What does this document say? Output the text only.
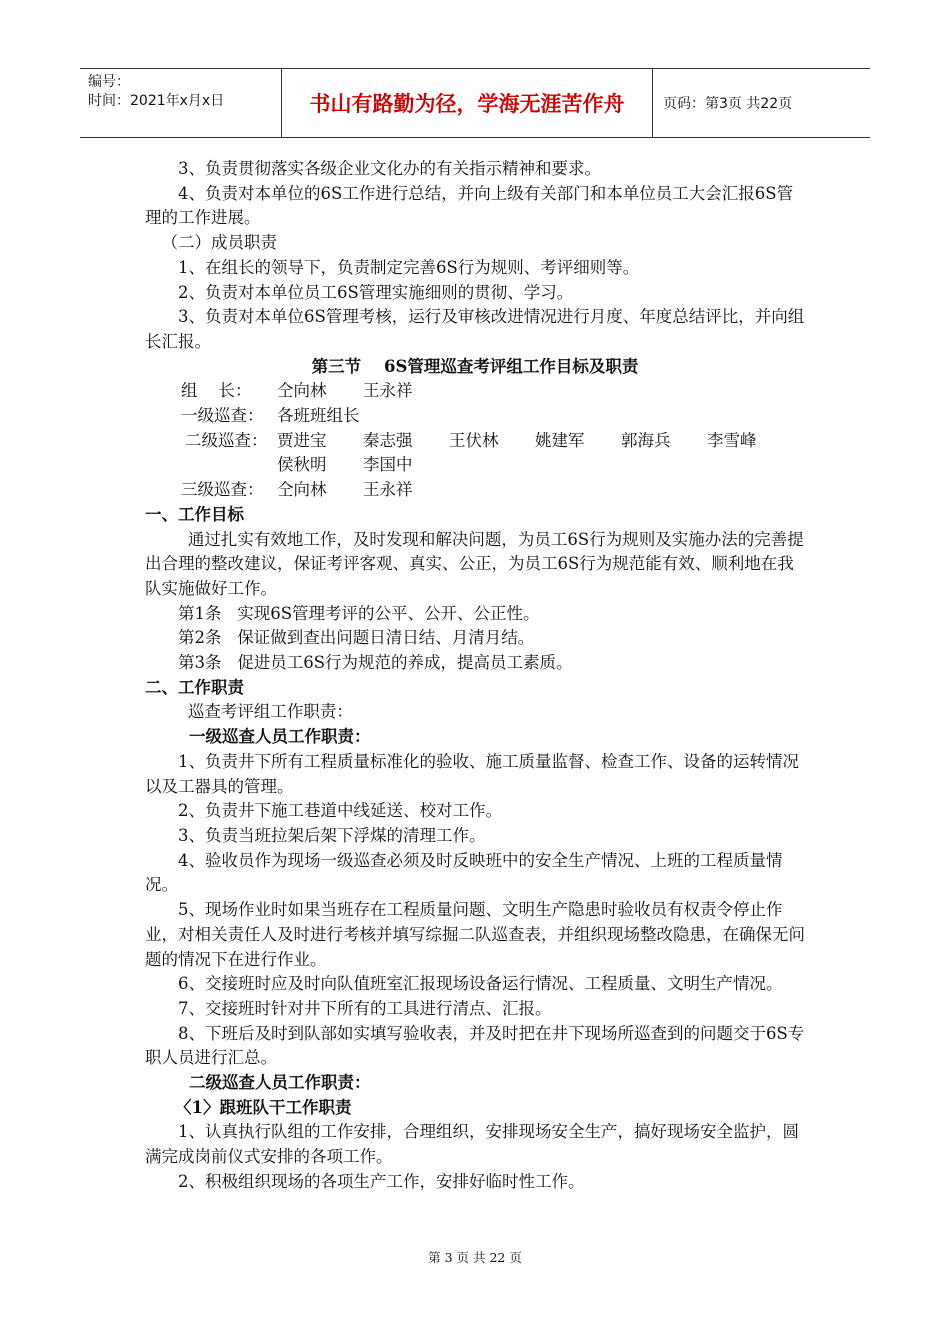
编号：
时间：2021年x月x日	书山有路勤为径，学海无涯苦作舟	页码：第3页 共22页

3、负责贯彻落实各级企业文化办的有关指示精神和要求。

4、负责对本单位的6S工作进行总结，并向上级有关部门和本单位员工大会汇报6S管理的工作进展。

（二）成员职责

1、在组长的领导下，负责制定完善6S行为规则、考评细则等。

2、负责对本单位员工6S管理实施细则的贯彻、学习。

3、负责对本单位6S管理考核，运行及审核改进情况进行月度、年度总结评比，并向组长汇报。

第三节    6S管理巡查考评组工作目标及职责

组    长：	仝向林 王永祥
一级巡查： 各班班组长
二级巡查： 贾进宝 秦志强 王伏林 姚建军 郭海兵 李雪峰
侯秋明 李国中
三级巡查： 仝向林 王永祥

一、工作目标

通过扎实有效地工作，及时发现和解决问题，为员工6S行为规则及实施办法的完善提出合理的整改建议，保证考评客观、真实、公正，为员工6S行为规范能有效、顺利地在我队实施做好工作。

第1条   实现6S管理考评的公平、公开、公正性。

第2条   保证做到查出问题日清日结、月清月结。

第3条   促进员工6S行为规范的养成，提高员工素质。

二、工作职责

巡查考评组工作职责：

一级巡查人员工作职责：

1、负责井下所有工程质量标准化的验收、施工质量监督、检查工作、设备的运转情况以及工器具的管理。

2、负责井下施工巷道中线延送、校对工作。

3、负责当班拉架后架下浮煤的清理工作。

4、验收员作为现场一级巡查必须及时反映班中的安全生产情况、上班的工程质量情况。

5、现场作业时如果当班存在工程质量问题、文明生产隐患时验收员有权责令停止作业，对相关责任人及时进行考核并填写综掘二队巡查表，并组织现场整改隐患，在确保无问题的情况下在进行作业。

6、交接班时应及时向队值班室汇报现场设备运行情况、工程质量、文明生产情况。

7、交接班时针对井下所有的工具进行清点、汇报。

8、下班后及时到队部如实填写验收表，并及时把在井下现场所巡查到的问题交于6S专职人员进行汇总。

二级巡查人员工作职责：

〈1〉跟班队干工作职责

1、认真执行队组的工作安排，合理组织，安排现场安全生产，搞好现场安全监护，圆满完成岗前仪式安排的各项工作。

2、积极组织现场的各项生产工作，安排好临时性工作。

第 3 页 共 22 页
